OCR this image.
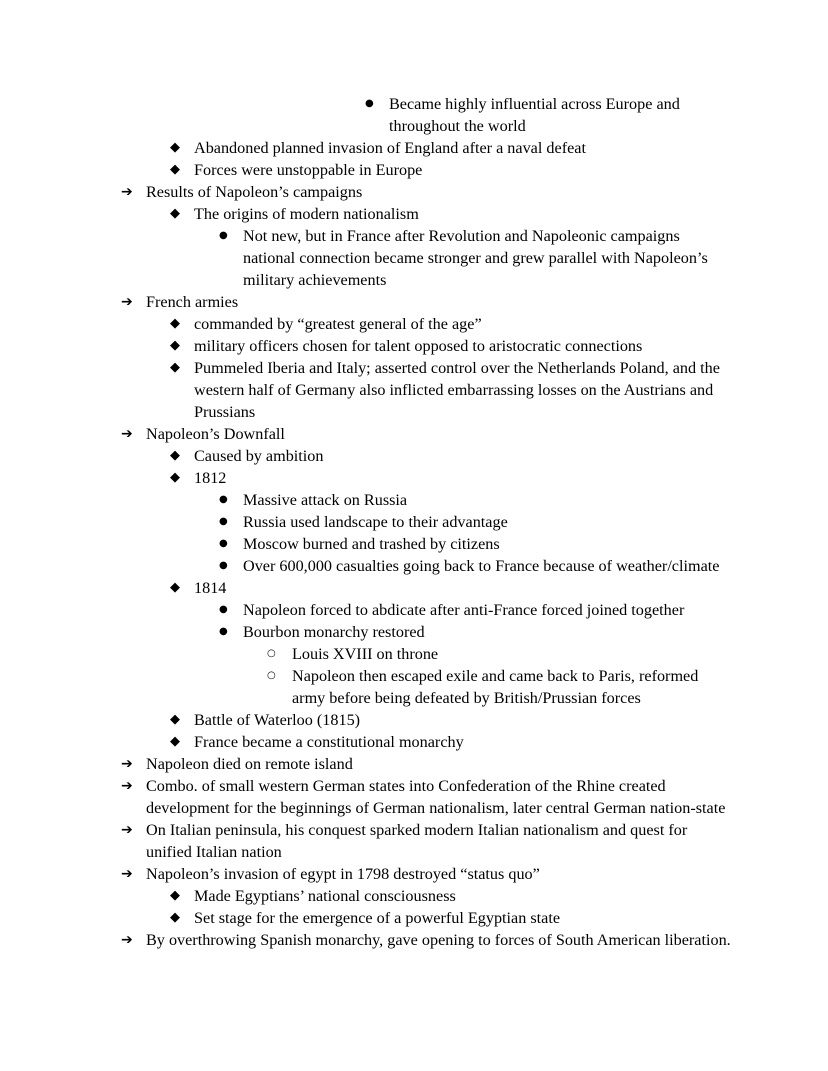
● Became highly influential across Europe and throughout the world
◆ Abandoned planned invasion of England after a naval defeat
◆ Forces were unstoppable in Europe
➔ Results of Napoleon’s campaigns
◆ The origins of modern nationalism
● Not new, but in France after Revolution and Napoleonic campaigns national connection became stronger and grew parallel with Napoleon’s military achievements
➔ French armies
◆ commanded by “greatest general of the age”
◆ military officers chosen for talent opposed to aristocratic connections
◆ Pummeled Iberia and Italy; asserted control over the Netherlands Poland, and the western half of Germany also inflicted embarrassing losses on the Austrians and Prussians
➔ Napoleon’s Downfall
◆ Caused by ambition
◆ 1812
● Massive attack on Russia
● Russia used landscape to their advantage
● Moscow burned and trashed by citizens
● Over 600,000 casualties going back to France because of weather/climate
◆ 1814
● Napoleon forced to abdicate after anti-France forced joined together
● Bourbon monarchy restored
○ Louis XVIII on throne
○ Napoleon then escaped exile and came back to Paris, reformed army before being defeated by British/Prussian forces
◆ Battle of Waterloo (1815)
◆ France became a constitutional monarchy
➔ Napoleon died on remote island
➔ Combo. of small western German states into Confederation of the Rhine created development for the beginnings of German nationalism, later central German nation-state
➔ On Italian peninsula, his conquest sparked modern Italian nationalism and quest for unified Italian nation
➔ Napoleon’s invasion of egypt in 1798 destroyed “status quo”
◆ Made Egyptians’ national consciousness
◆ Set stage for the emergence of a powerful Egyptian state
➔ By overthrowing Spanish monarchy, gave opening to forces of South American liberation.
